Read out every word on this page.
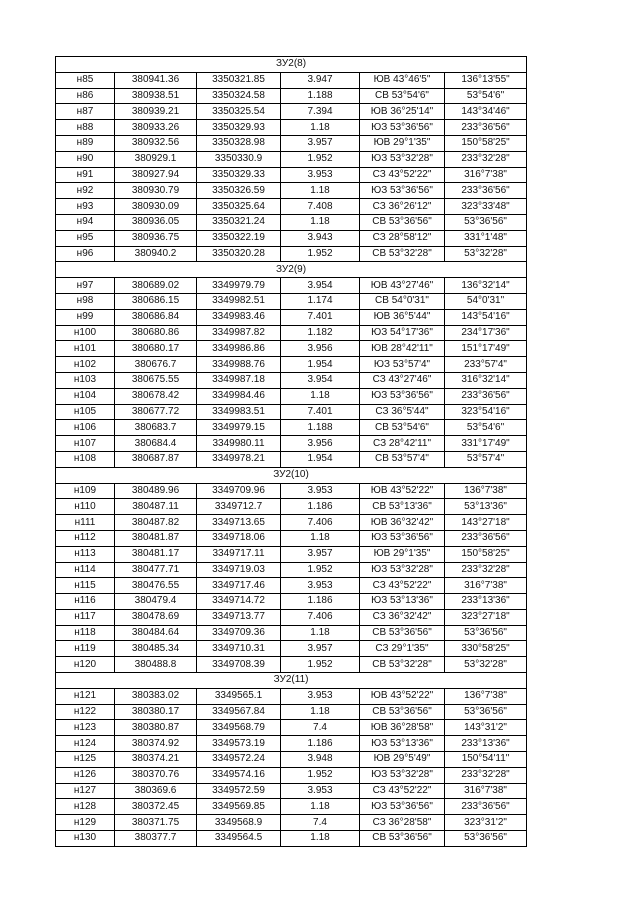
ЗУ2(8)					
н85	380941.36	3350321.85	3.947	ЮВ 43°46'5"	136°13'55"
н86	380938.51	3350324.58	1.188	СВ 53°54'6"	53°54'6"
н87	380939.21	3350325.54	7.394	ЮВ 36°25'14"	143°34'46"
н88	380933.26	3350329.93	1.18	ЮЗ 53°36'56"	233°36'56"
н89	380932.56	3350328.98	3.957	ЮВ 29°1'35"	150°58'25"
н90	380929.1	3350330.9	1.952	ЮЗ 53°32'28"	233°32'28"
н91	380927.94	3350329.33	3.953	СЗ 43°52'22"	316°7'38"
н92	380930.79	3350326.59	1.18	ЮЗ 53°36'56"	233°36'56"
н93	380930.09	3350325.64	7.408	СЗ 36°26'12"	323°33'48"
н94	380936.05	3350321.24	1.18	СВ 53°36'56"	53°36'56"
н95	380936.75	3350322.19	3.943	СЗ 28°58'12"	331°1'48"
н96	380940.2	3350320.28	1.952	СВ 53°32'28"	53°32'28"
ЗУ2(9)					
н97	380689.02	3349979.79	3.954	ЮВ 43°27'46"	136°32'14"
н98	380686.15	3349982.51	1.174	СВ 54°0'31"	54°0'31"
н99	380686.84	3349983.46	7.401	ЮВ 36°5'44"	143°54'16"
н100	380680.86	3349987.82	1.182	ЮЗ 54°17'36"	234°17'36"
н101	380680.17	3349986.86	3.956	ЮВ 28°42'11"	151°17'49"
н102	380676.7	3349988.76	1.954	ЮЗ 53°57'4"	233°57'4"
н103	380675.55	3349987.18	3.954	СЗ 43°27'46"	316°32'14"
н104	380678.42	3349984.46	1.18	ЮЗ 53°36'56"	233°36'56"
н105	380677.72	3349983.51	7.401	СЗ 36°5'44"	323°54'16"
н106	380683.7	3349979.15	1.188	СВ 53°54'6"	53°54'6"
н107	380684.4	3349980.11	3.956	СЗ 28°42'11"	331°17'49"
н108	380687.87	3349978.21	1.954	СВ 53°57'4"	53°57'4"
ЗУ2(10)					
н109	380489.96	3349709.96	3.953	ЮВ 43°52'22"	136°7'38"
н110	380487.11	3349712.7	1.186	СВ 53°13'36"	53°13'36"
н111	380487.82	3349713.65	7.406	ЮВ 36°32'42"	143°27'18"
н112	380481.87	3349718.06	1.18	ЮЗ 53°36'56"	233°36'56"
н113	380481.17	3349717.11	3.957	ЮВ 29°1'35"	150°58'25"
н114	380477.71	3349719.03	1.952	ЮЗ 53°32'28"	233°32'28"
н115	380476.55	3349717.46	3.953	СЗ 43°52'22"	316°7'38"
н116	380479.4	3349714.72	1.186	ЮЗ 53°13'36"	233°13'36"
н117	380478.69	3349713.77	7.406	СЗ 36°32'42"	323°27'18"
н118	380484.64	3349709.36	1.18	СВ 53°36'56"	53°36'56"
н119	380485.34	3349710.31	3.957	СЗ 29°1'35"	330°58'25"
н120	380488.8	3349708.39	1.952	СВ 53°32'28"	53°32'28"
ЗУ2(11)					
н121	380383.02	3349565.1	3.953	ЮВ 43°52'22"	136°7'38"
н122	380380.17	3349567.84	1.18	СВ 53°36'56"	53°36'56"
н123	380380.87	3349568.79	7.4	ЮВ 36°28'58"	143°31'2"
н124	380374.92	3349573.19	1.186	ЮЗ 53°13'36"	233°13'36"
н125	380374.21	3349572.24	3.948	ЮВ 29°5'49"	150°54'11"
н126	380370.76	3349574.16	1.952	ЮЗ 53°32'28"	233°32'28"
н127	380369.6	3349572.59	3.953	СЗ 43°52'22"	316°7'38"
н128	380372.45	3349569.85	1.18	ЮЗ 53°36'56"	233°36'56"
н129	380371.75	3349568.9	7.4	СЗ 36°28'58"	323°31'2"
н130	380377.7	3349564.5	1.18	СВ 53°36'56"	53°36'56"
